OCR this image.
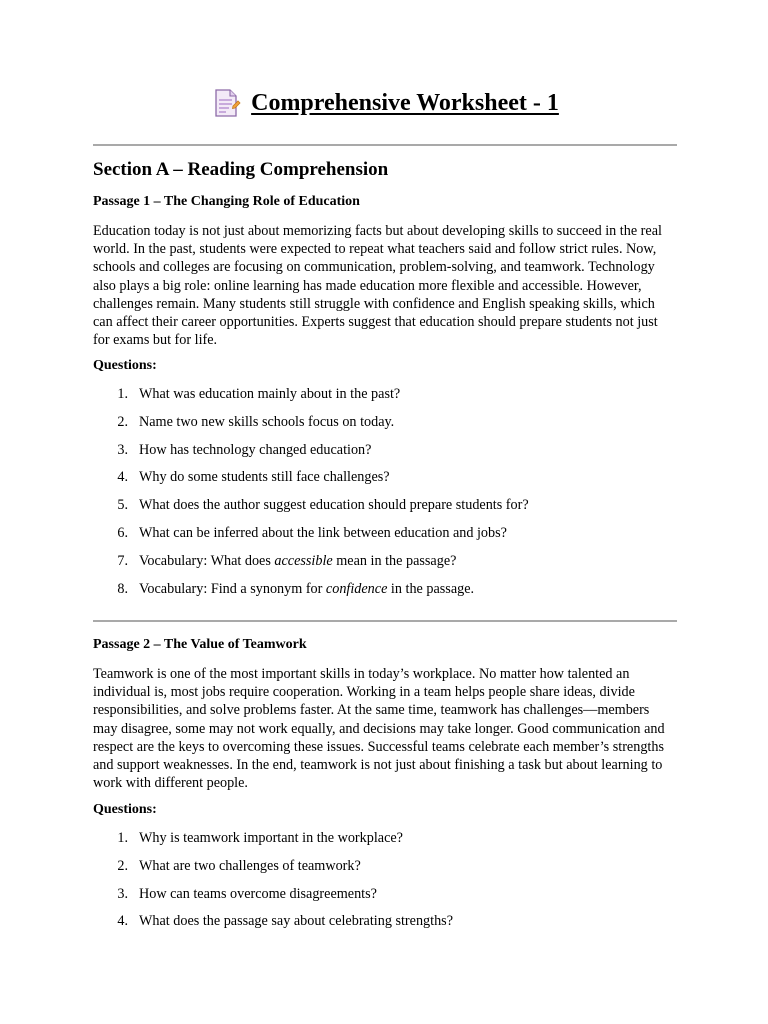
Comprehensive Worksheet - 1
Section A – Reading Comprehension
Passage 1 – The Changing Role of Education

Education today is not just about memorizing facts but about developing skills to succeed in the real world. In the past, students were expected to repeat what teachers said and follow strict rules. Now, schools and colleges are focusing on communication, problem-solving, and teamwork. Technology also plays a big role: online learning has made education more flexible and accessible. However, challenges remain. Many students still struggle with confidence and English speaking skills, which can affect their career opportunities. Experts suggest that education should prepare students not just for exams but for life.

Questions:
1. What was education mainly about in the past?
2. Name two new skills schools focus on today.
3. How has technology changed education?
4. Why do some students still face challenges?
5. What does the author suggest education should prepare students for?
6. What can be inferred about the link between education and jobs?
7. Vocabulary: What does accessible mean in the passage?
8. Vocabulary: Find a synonym for confidence in the passage.
Passage 2 – The Value of Teamwork

Teamwork is one of the most important skills in today’s workplace. No matter how talented an individual is, most jobs require cooperation. Working in a team helps people share ideas, divide responsibilities, and solve problems faster. At the same time, teamwork has challenges—members may disagree, some may not work equally, and decisions may take longer. Good communication and respect are the keys to overcoming these issues. Successful teams celebrate each member’s strengths and support weaknesses. In the end, teamwork is not just about finishing a task but about learning to work with different people.

Questions:
1. Why is teamwork important in the workplace?
2. What are two challenges of teamwork?
3. How can teams overcome disagreements?
4. What does the passage say about celebrating strengths?
